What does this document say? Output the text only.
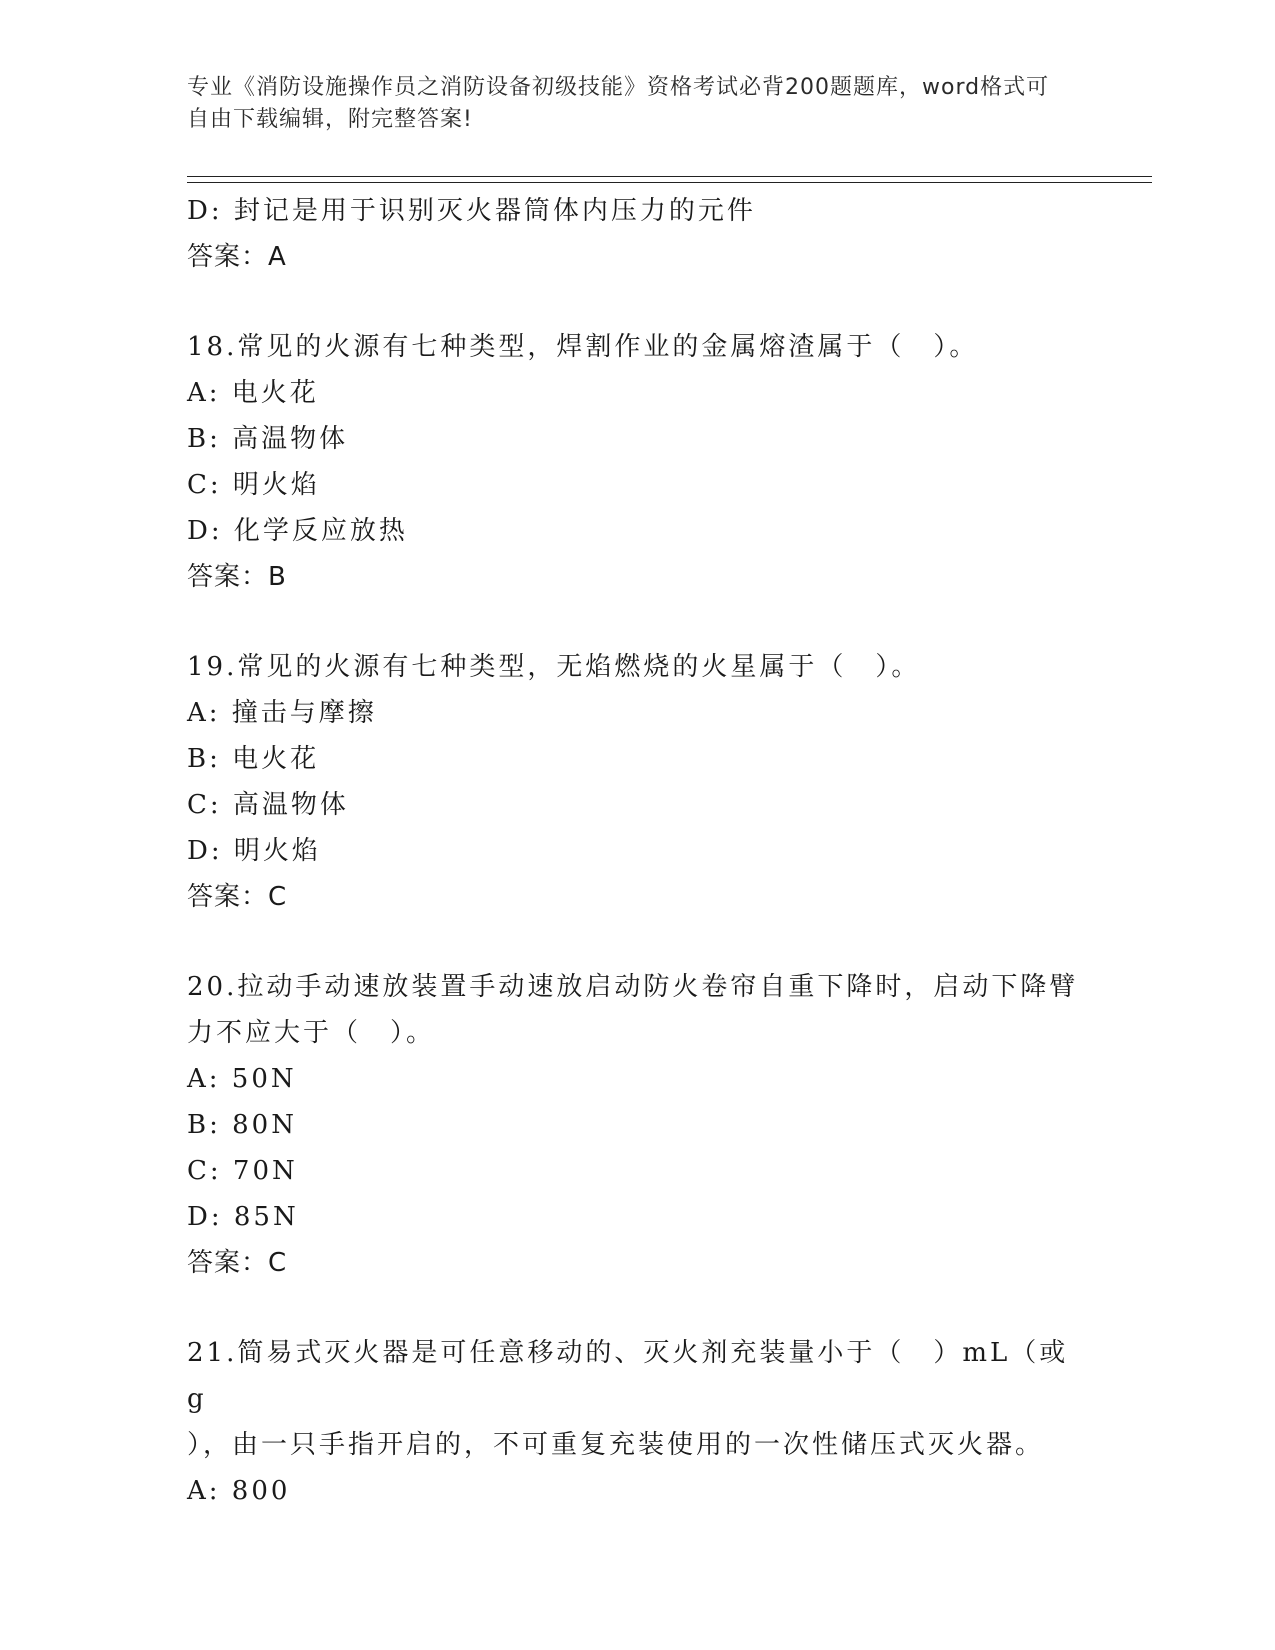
专业《消防设施操作员之消防设备初级技能》资格考试必背200题题库，word格式可自由下载编辑，附完整答案!
D: 封记是用于识别灭火器筒体内压力的元件
答案：A
18.常见的火源有七种类型，焊割作业的金属熔渣属于（　）。
A: 电火花
B: 高温物体
C: 明火焰
D: 化学反应放热
答案：B
19.常见的火源有七种类型，无焰燃烧的火星属于（　）。
A: 撞击与摩擦
B: 电火花
C: 高温物体
D: 明火焰
答案：C
20.拉动手动速放装置手动速放启动防火卷帘自重下降时，启动下降臂
力不应大于（　）。
A: 50N
B: 80N
C: 70N
D: 85N
答案：C
21.简易式灭火器是可任意移动的、灭火剂充装量小于（　）mL（或g
），由一只手指开启的，不可重复充装使用的一次性储压式灭火器。
A: 800
